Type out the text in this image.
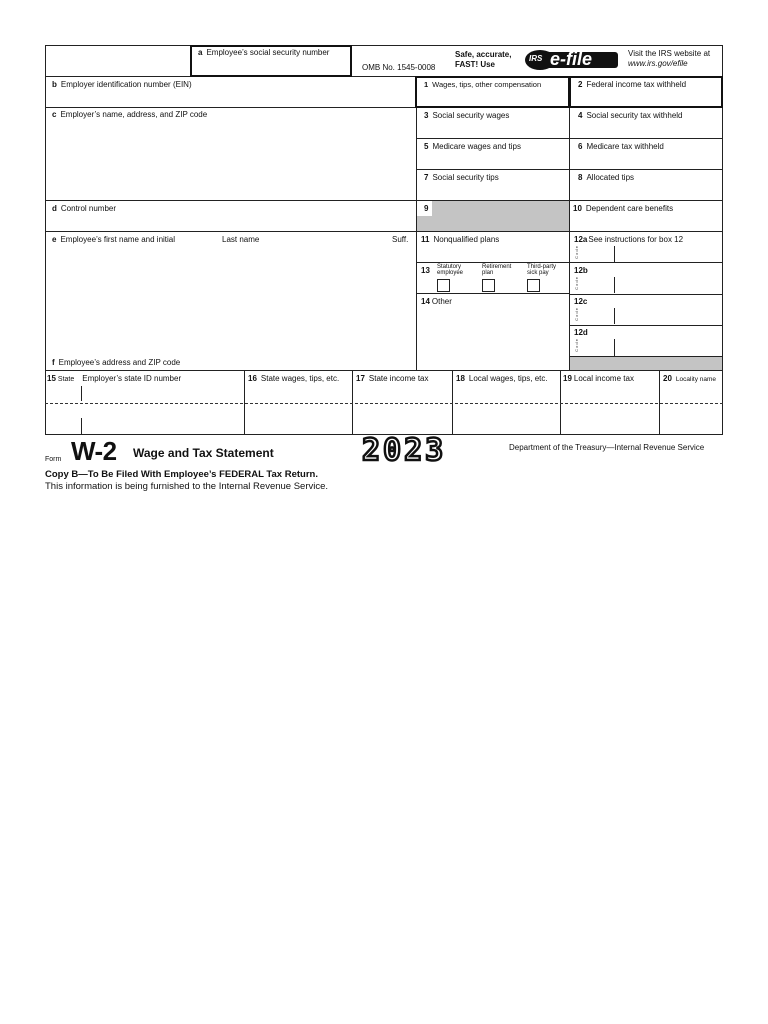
a Employee’s social security number
OMB No. 1545-0008
Safe, accurate,
FAST! Use
IRS e-file	Visit the IRS website at
www.irs.gov/efile
b Employer identification number (EIN)
c Employer’s name, address, and ZIP code
d Control number
e Employee’s first name and initial	Last name	Suff.
f Employee’s address and ZIP code
1 Wages, tips, other compensation	2 Federal income tax withheld
3 Social security wages	4 Social security tax withheld
5 Medicare wages and tips	6 Medicare tax withheld
7 Social security tips	8 Allocated tips
9	10 Dependent care benefits
11 Nonqualified plans	12aSee instructions for box 12
12b
12c
12d
C o d e
C o d e
C o d e
C o d e
13 Statutory employee
Retirement plan
Third-party sick pay
14 Other
15 State Employer’s state ID number	16 State wages, tips, etc. 17 State income tax	18 Local wages, tips, etc. 19 Local income tax	20 Locality name
Form W-2 Wage and Tax Statement	2023	Department of the Treasury—Internal Revenue Service
Copy B—To Be Filed With Employee’s FEDERAL Tax Return.
This information is being furnished to the Internal Revenue Service.
